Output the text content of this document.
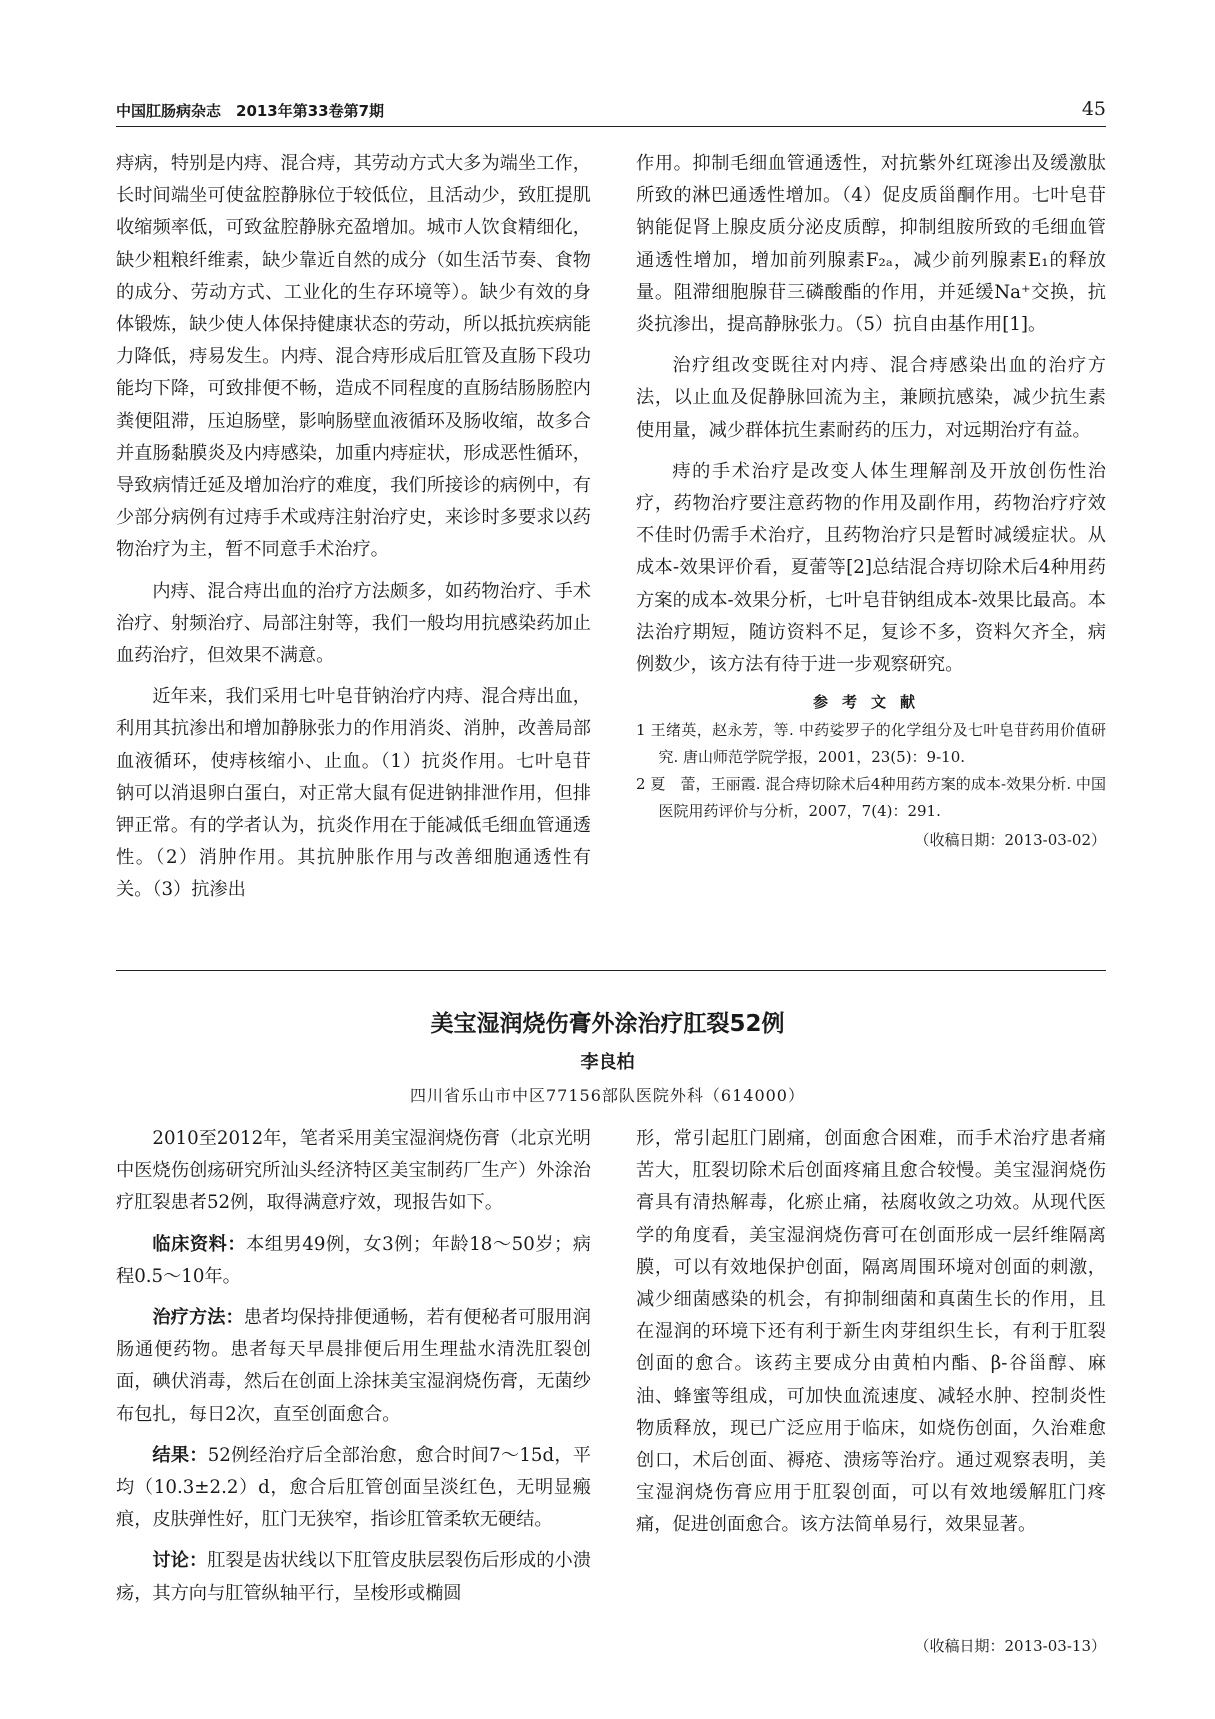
中国肛肠病杂志　2013年第33卷第7期	45

痔病，特别是内痔、混合痔，其劳动方式大多为端坐工作，长时间端坐可使盆腔静脉位于较低位，且活动少，致肛提肌收缩频率低，可致盆腔静脉充盈增加。城市人饮食精细化，缺少粗粮纤维素，缺少靠近自然的成分（如生活节奏、食物的成分、劳动方式、工业化的生存环境等）。缺少有效的身体锻炼，缺少使人体保持健康状态的劳动，所以抵抗疾病能力降低，痔易发生。内痔、混合痔形成后肛管及直肠下段功能均下降，可致排便不畅，造成不同程度的直肠结肠肠腔内粪便阻滞，压迫肠壁，影响肠壁血液循环及肠收缩，故多合并直肠黏膜炎及内痔感染，加重内痔症状，形成恶性循环，导致病情迁延及增加治疗的难度，我们所接诊的病例中，有少部分病例有过痔手术或痔注射治疗史，来诊时多要求以药物治疗为主，暂不同意手术治疗。

内痔、混合痔出血的治疗方法颇多，如药物治疗、手术治疗、射频治疗、局部注射等，我们一般均用抗感染药加止血药治疗，但效果不满意。

近年来，我们采用七叶皂苷钠治疗内痔、混合痔出血，利用其抗渗出和增加静脉张力的作用消炎、消肿，改善局部血液循环，使痔核缩小、止血。（1）抗炎作用。七叶皂苷钠可以消退卵白蛋白，对正常大鼠有促进钠排泄作用，但排钾正常。有的学者认为，抗炎作用在于能减低毛细血管通透性。（2）消肿作用。其抗肿胀作用与改善细胞通透性有关。（3）抗渗出

作用。抑制毛细血管通透性，对抗紫外红斑渗出及缓激肽所致的淋巴通透性增加。（4）促皮质甾酮作用。七叶皂苷钠能促肾上腺皮质分泌皮质醇，抑制组胺所致的毛细血管通透性增加，增加前列腺素F₂ₐ，减少前列腺素E₁的释放量。阻滞细胞腺苷三磷酸酯的作用，并延缓Na⁺交换，抗炎抗渗出，提高静脉张力。（5）抗自由基作用[1]。

治疗组改变既往对内痔、混合痔感染出血的治疗方法，以止血及促静脉回流为主，兼顾抗感染，减少抗生素使用量，减少群体抗生素耐药的压力，对远期治疗有益。

痔的手术治疗是改变人体生理解剖及开放创伤性治疗，药物治疗要注意药物的作用及副作用，药物治疗疗效不佳时仍需手术治疗，且药物治疗只是暂时减缓症状。从成本-效果评价看，夏蕾等[2]总结混合痔切除术后4种用药方案的成本-效果分析，七叶皂苷钠组成本-效果比最高。本法治疗期短，随访资料不足，复诊不多，资料欠齐全，病例数少，该方法有待于进一步观察研究。

参考文献

1 王绪英，赵永芳，等. 中药娑罗子的化学组分及七叶皂苷药用价值研究. 唐山师范学院学报，2001，23(5)：9-10.

2 夏　蕾，王丽霞. 混合痔切除术后4种用药方案的成本-效果分析. 中国医院用药评价与分析，2007，7(4)：291.

（收稿日期：2013-03-02）

美宝湿润烧伤膏外涂治疗肛裂52例
李良柏
四川省乐山市中区77156部队医院外科（614000）

2010至2012年，笔者采用美宝湿润烧伤膏（北京光明中医烧伤创疡研究所汕头经济特区美宝制药厂生产）外涂治疗肛裂患者52例，取得满意疗效，现报告如下。

临床资料：本组男49例，女3例；年龄18～50岁；病程0.5～10年。

治疗方法：患者均保持排便通畅，若有便秘者可服用润肠通便药物。患者每天早晨排便后用生理盐水清洗肛裂创面，碘伏消毒，然后在创面上涂抹美宝湿润烧伤膏，无菌纱布包扎，每日2次，直至创面愈合。

结果：52例经治疗后全部治愈，愈合时间7～15d，平均（10.3±2.2）d，愈合后肛管创面呈淡红色，无明显瘢痕，皮肤弹性好，肛门无狭窄，指诊肛管柔软无硬结。

讨论：肛裂是齿状线以下肛管皮肤层裂伤后形成的小溃疡，其方向与肛管纵轴平行，呈梭形或椭圆

形，常引起肛门剧痛，创面愈合困难，而手术治疗患者痛苦大，肛裂切除术后创面疼痛且愈合较慢。美宝湿润烧伤膏具有清热解毒，化瘀止痛，祛腐收敛之功效。从现代医学的角度看，美宝湿润烧伤膏可在创面形成一层纤维隔离膜，可以有效地保护创面，隔离周围环境对创面的刺激，减少细菌感染的机会，有抑制细菌和真菌生长的作用，且在湿润的环境下还有利于新生肉芽组织生长，有利于肛裂创面的愈合。该药主要成分由黄柏内酯、β-谷甾醇、麻油、蜂蜜等组成，可加快血流速度、减轻水肿、控制炎性物质释放，现已广泛应用于临床，如烧伤创面，久治难愈创口，术后创面、褥疮、溃疡等治疗。通过观察表明，美宝湿润烧伤膏应用于肛裂创面，可以有效地缓解肛门疼痛，促进创面愈合。该方法简单易行，效果显著。

（收稿日期：2013-03-13）
